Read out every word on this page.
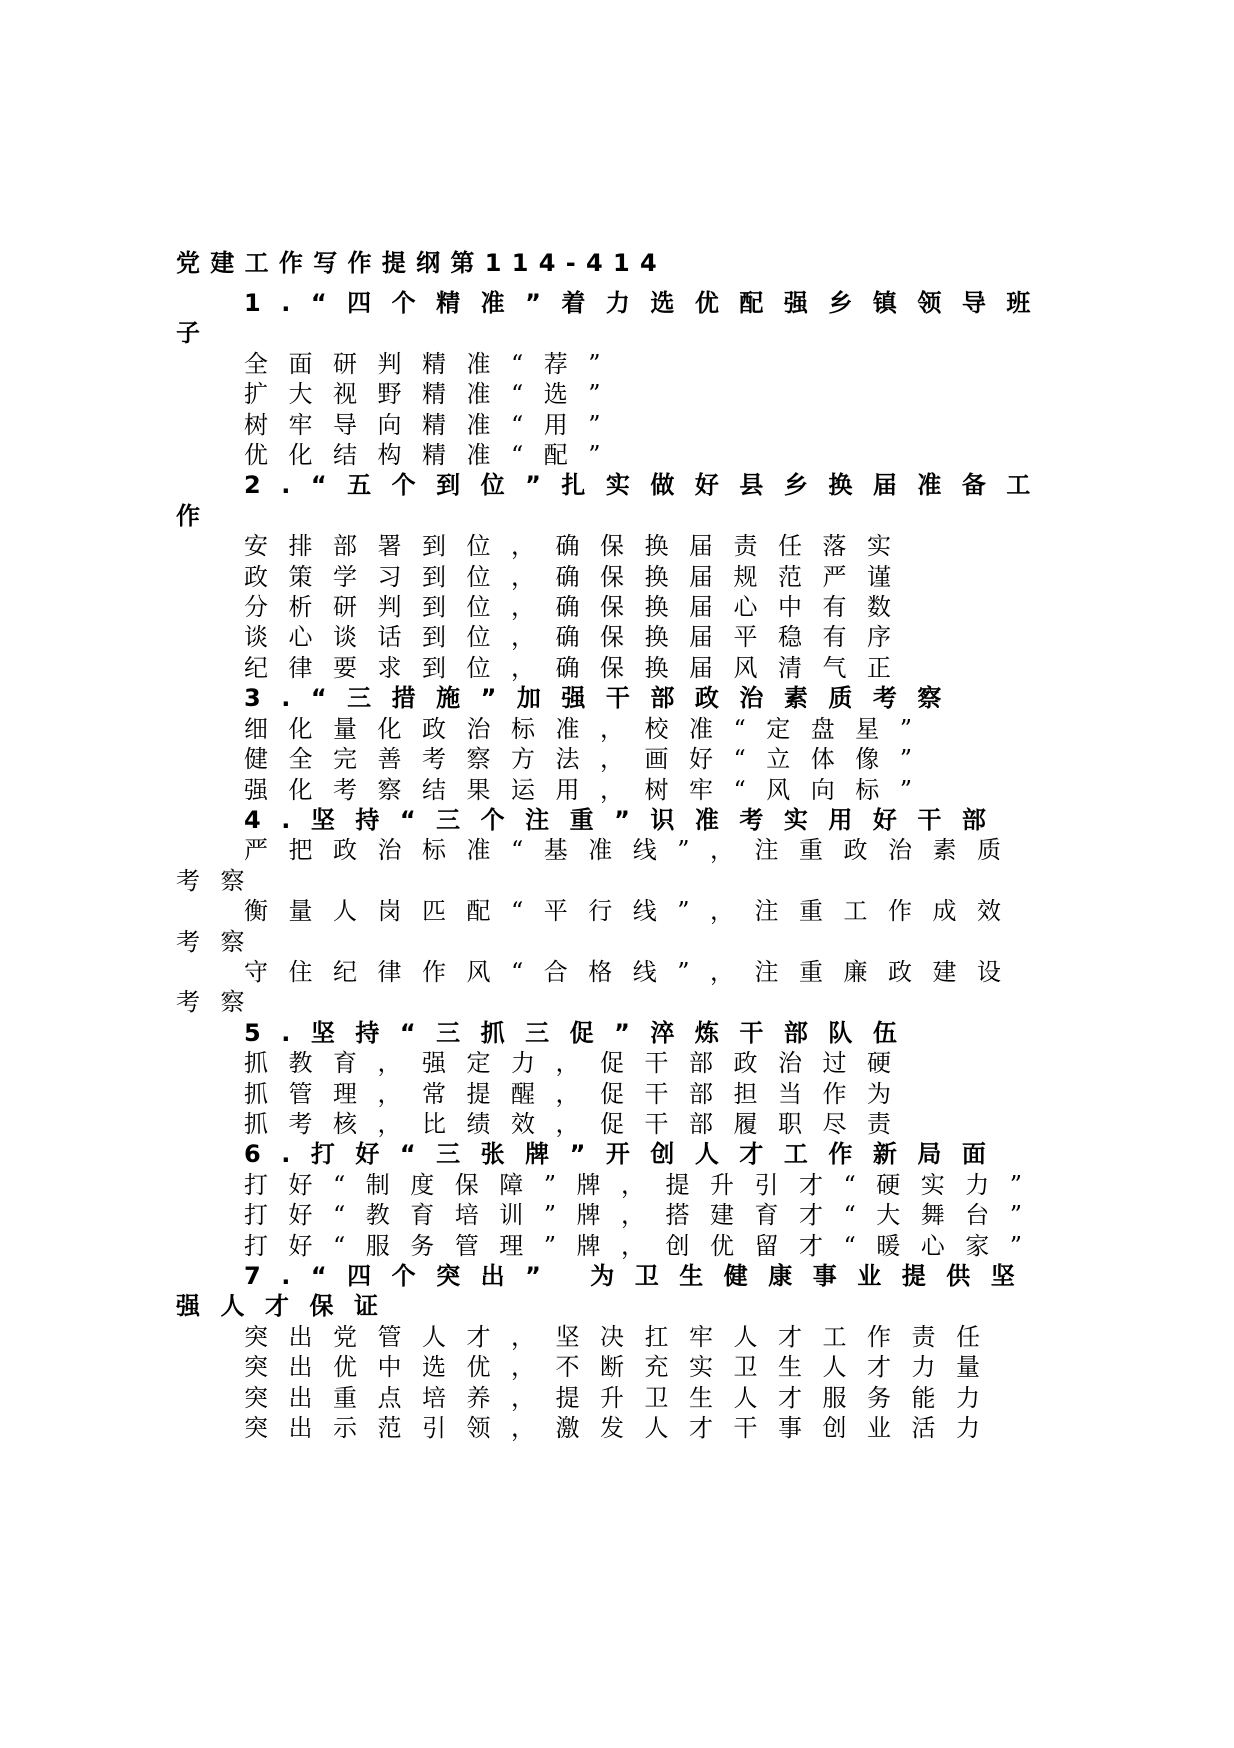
党建工作写作提纲第114-414
1.“四个精准”着力选优配强乡镇领导班子
全面研判精准“荐”
扩大视野精准“选”
树牢导向精准“用”
优化结构精准“配”
2.“五个到位”扎实做好县乡换届准备工作
安排部署到位，确保换届责任落实
政策学习到位，确保换届规范严谨
分析研判到位，确保换届心中有数
谈心谈话到位，确保换届平稳有序
纪律要求到位，确保换届风清气正
3.“三措施”加强干部政治素质考察
细化量化政治标准，校准“定盘星”
健全完善考察方法，画好“立体像”
强化考察结果运用，树牢“风向标”
4.坚持“三个注重”识准考实用好干部
严把政治标准“基准线”，注重政治素质考察
衡量人岗匹配“平行线”，注重工作成效考察
守住纪律作风“合格线”，注重廉政建设考察
5.坚持“三抓三促”淬炼干部队伍
抓教育，强定力，促干部政治过硬
抓管理，常提醒，促干部担当作为
抓考核，比绩效，促干部履职尽责
6.打好“三张牌”开创人才工作新局面
打好“制度保障”牌，提升引才“硬实力”
打好“教育培训”牌，搭建育才“大舞台”
打好“服务管理”牌，创优留才“暖心家”
7.“四个突出” 为卫生健康事业提供坚强人才保证
突出党管人才，坚决扛牢人才工作责任
突出优中选优，不断充实卫生人才力量
突出重点培养，提升卫生人才服务能力
突出示范引领，激发人才干事创业活力
